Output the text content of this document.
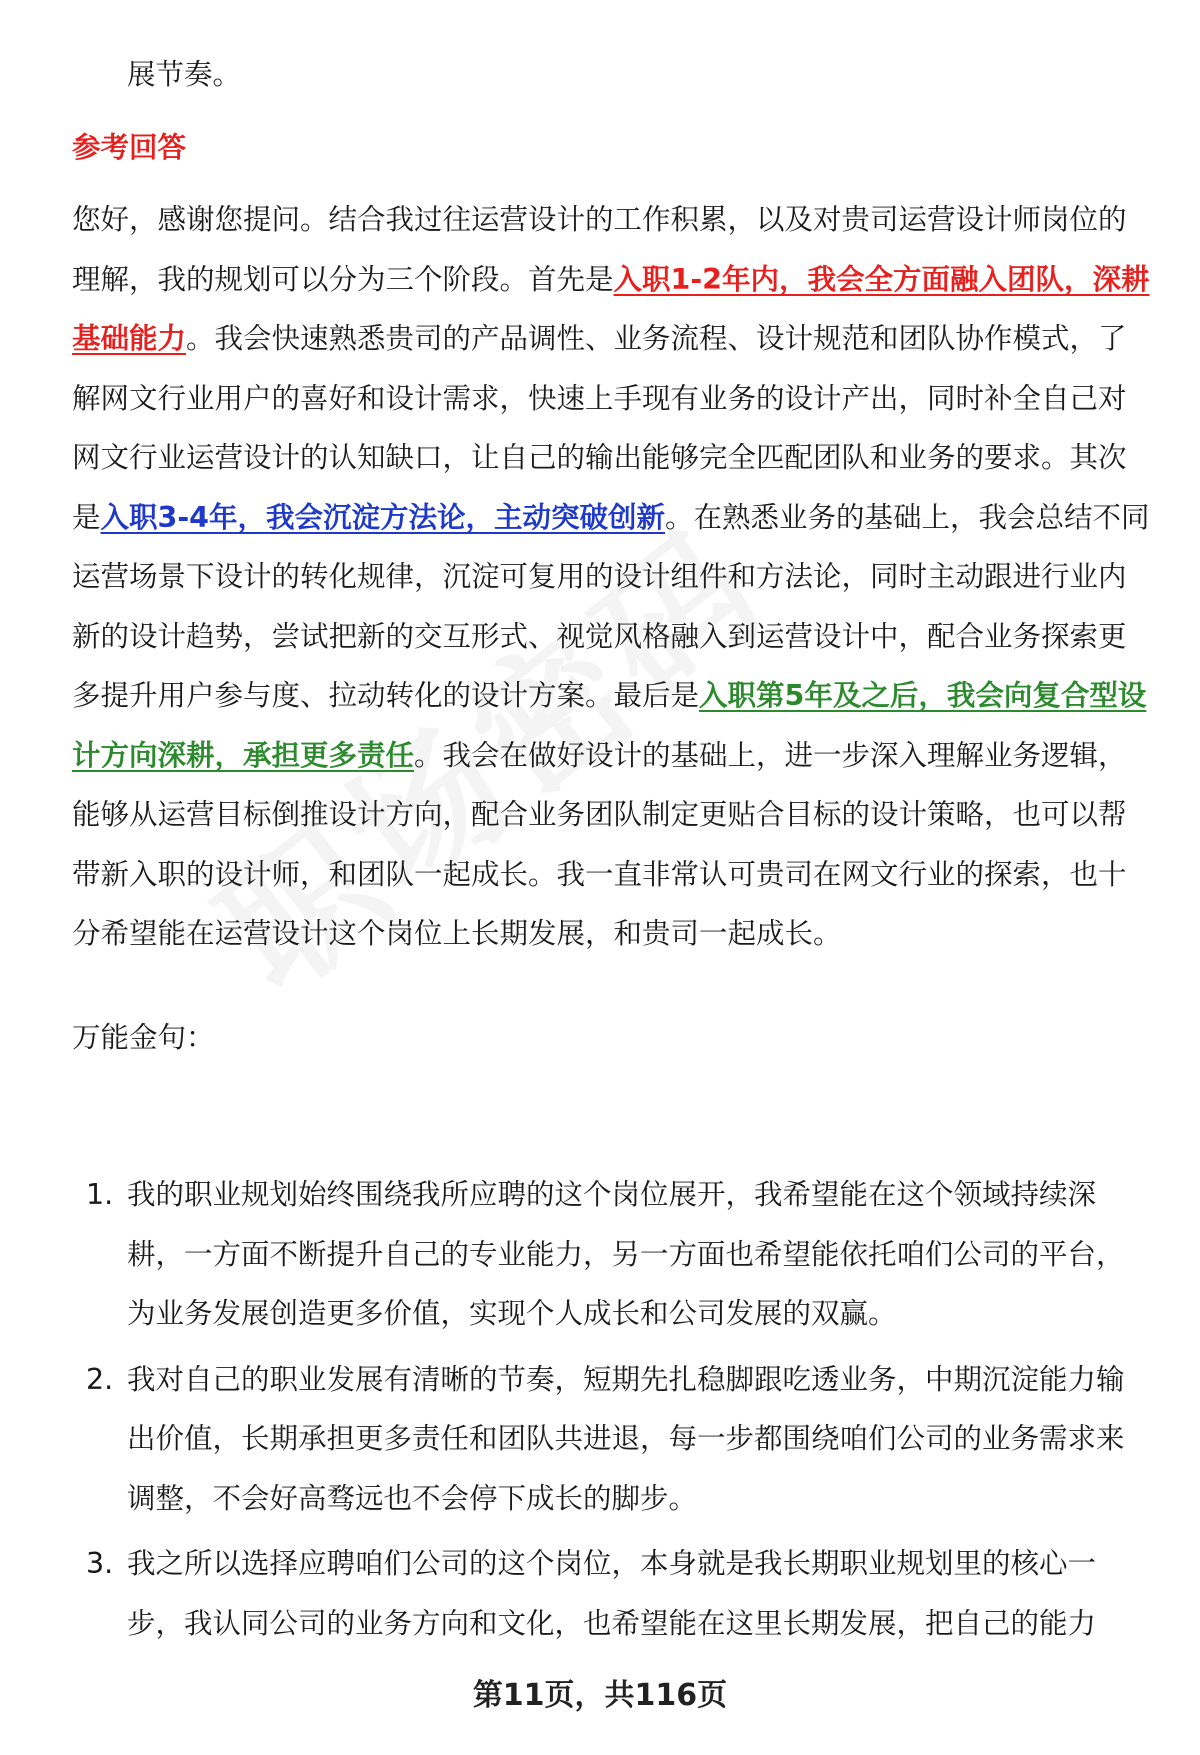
展节奏。
参考回答
您好，感谢您提问。结合我过往运营设计的工作积累，以及对贵司运营设计师岗位的理解，我的规划可以分为三个阶段。首先是入职1-2年内，我会全方面融入团队，深耕基础能力。我会快速熟悉贵司的产品调性、业务流程、设计规范和团队协作模式，了解网文行业用户的喜好和设计需求，快速上手现有业务的设计产出，同时补全自己对网文行业运营设计的认知缺口，让自己的输出能够完全匹配团队和业务的要求。其次是入职3-4年，我会沉淀方法论，主动突破创新。在熟悉业务的基础上，我会总结不同运营场景下设计的转化规律，沉淀可复用的设计组件和方法论，同时主动跟进行业内新的设计趋势，尝试把新的交互形式、视觉风格融入到运营设计中，配合业务探索更多提升用户参与度、拉动转化的设计方案。最后是入职第5年及之后，我会向复合型设计方向深耕，承担更多责任。我会在做好设计的基础上，进一步深入理解业务逻辑，能够从运营目标倒推设计方向，配合业务团队制定更贴合目标的设计策略，也可以帮带新入职的设计师，和团队一起成长。我一直非常认可贵司在网文行业的探索，也十分希望能在运营设计这个岗位上长期发展，和贵司一起成长。
万能金句：
1. 我的职业规划始终围绕我所应聘的这个岗位展开，我希望能在这个领域持续深耕，一方面不断提升自己的专业能力，另一方面也希望能依托咱们公司的平台，为业务发展创造更多价值，实现个人成长和公司发展的双赢。
2. 我对自己的职业发展有清晰的节奏，短期先扎稳脚跟吃透业务，中期沉淀能力输出价值，长期承担更多责任和团队共进退，每一步都围绕咱们公司的业务需求来调整，不会好高骛远也不会停下成长的脚步。
3. 我之所以选择应聘咱们公司的这个岗位，本身就是我长期职业规划里的核心一步，我认同公司的业务方向和文化，也希望能在这里长期发展，把自己的能力
第11页，共116页
